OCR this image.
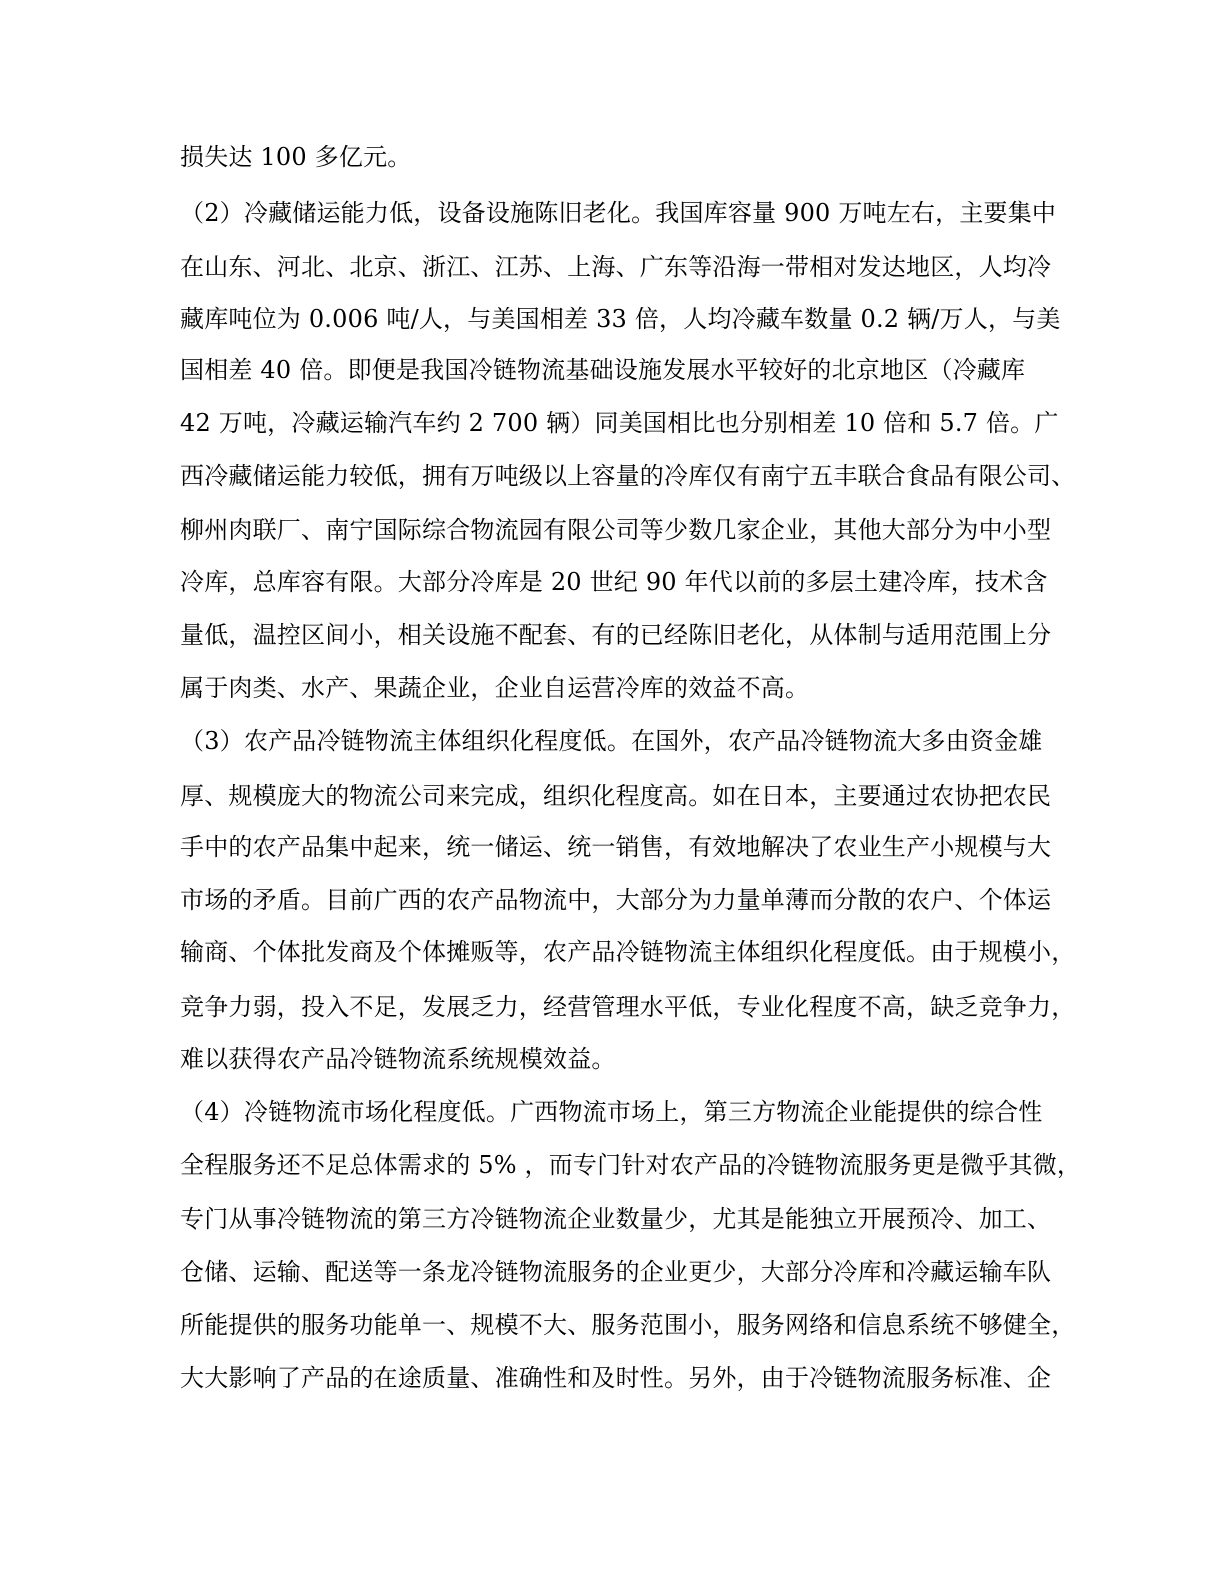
损失达 100 多亿元。
（2）冷藏储运能力低，设备设施陈旧老化。我国库容量 900 万吨左右，主要集中
在山东、河北、北京、浙江、江苏、上海、广东等沿海一带相对发达地区，人均冷
藏库吨位为 0.006 吨/人，与美国相差 33 倍，人均冷藏车数量 0.2 辆/万人，与美
国相差 40 倍。即便是我国冷链物流基础设施发展水平较好的北京地区（冷藏库
42 万吨，冷藏运输汽车约 2 700 辆）同美国相比也分别相差 10 倍和 5.7 倍。广
西冷藏储运能力较低，拥有万吨级以上容量的冷库仅有南宁五丰联合食品有限公司、
柳州肉联厂、南宁国际综合物流园有限公司等少数几家企业，其他大部分为中小型
冷库，总库容有限。大部分冷库是 20 世纪 90 年代以前的多层土建冷库，技术含
量低，温控区间小，相关设施不配套、有的已经陈旧老化，从体制与适用范围上分
属于肉类、水产、果蔬企业，企业自运营冷库的效益不高。
（3）农产品冷链物流主体组织化程度低。在国外，农产品冷链物流大多由资金雄
厚、规模庞大的物流公司来完成，组织化程度高。如在日本，主要通过农协把农民
手中的农产品集中起来，统一储运、统一销售，有效地解决了农业生产小规模与大
市场的矛盾。目前广西的农产品物流中，大部分为力量单薄而分散的农户、个体运
输商、个体批发商及个体摊贩等，农产品冷链物流主体组织化程度低。由于规模小，
竞争力弱，投入不足，发展乏力，经营管理水平低，专业化程度不高，缺乏竞争力，
难以获得农产品冷链物流系统规模效益。
（4）冷链物流市场化程度低。广西物流市场上，第三方物流企业能提供的综合性
全程服务还不足总体需求的 5% ，而专门针对农产品的冷链物流服务更是微乎其微，
专门从事冷链物流的第三方冷链物流企业数量少，尤其是能独立开展预冷、加工、
仓储、运输、配送等一条龙冷链物流服务的企业更少，大部分冷库和冷藏运输车队
所能提供的服务功能单一、规模不大、服务范围小，服务网络和信息系统不够健全，
大大影响了产品的在途质量、准确性和及时性。另外，由于冷链物流服务标准、企
